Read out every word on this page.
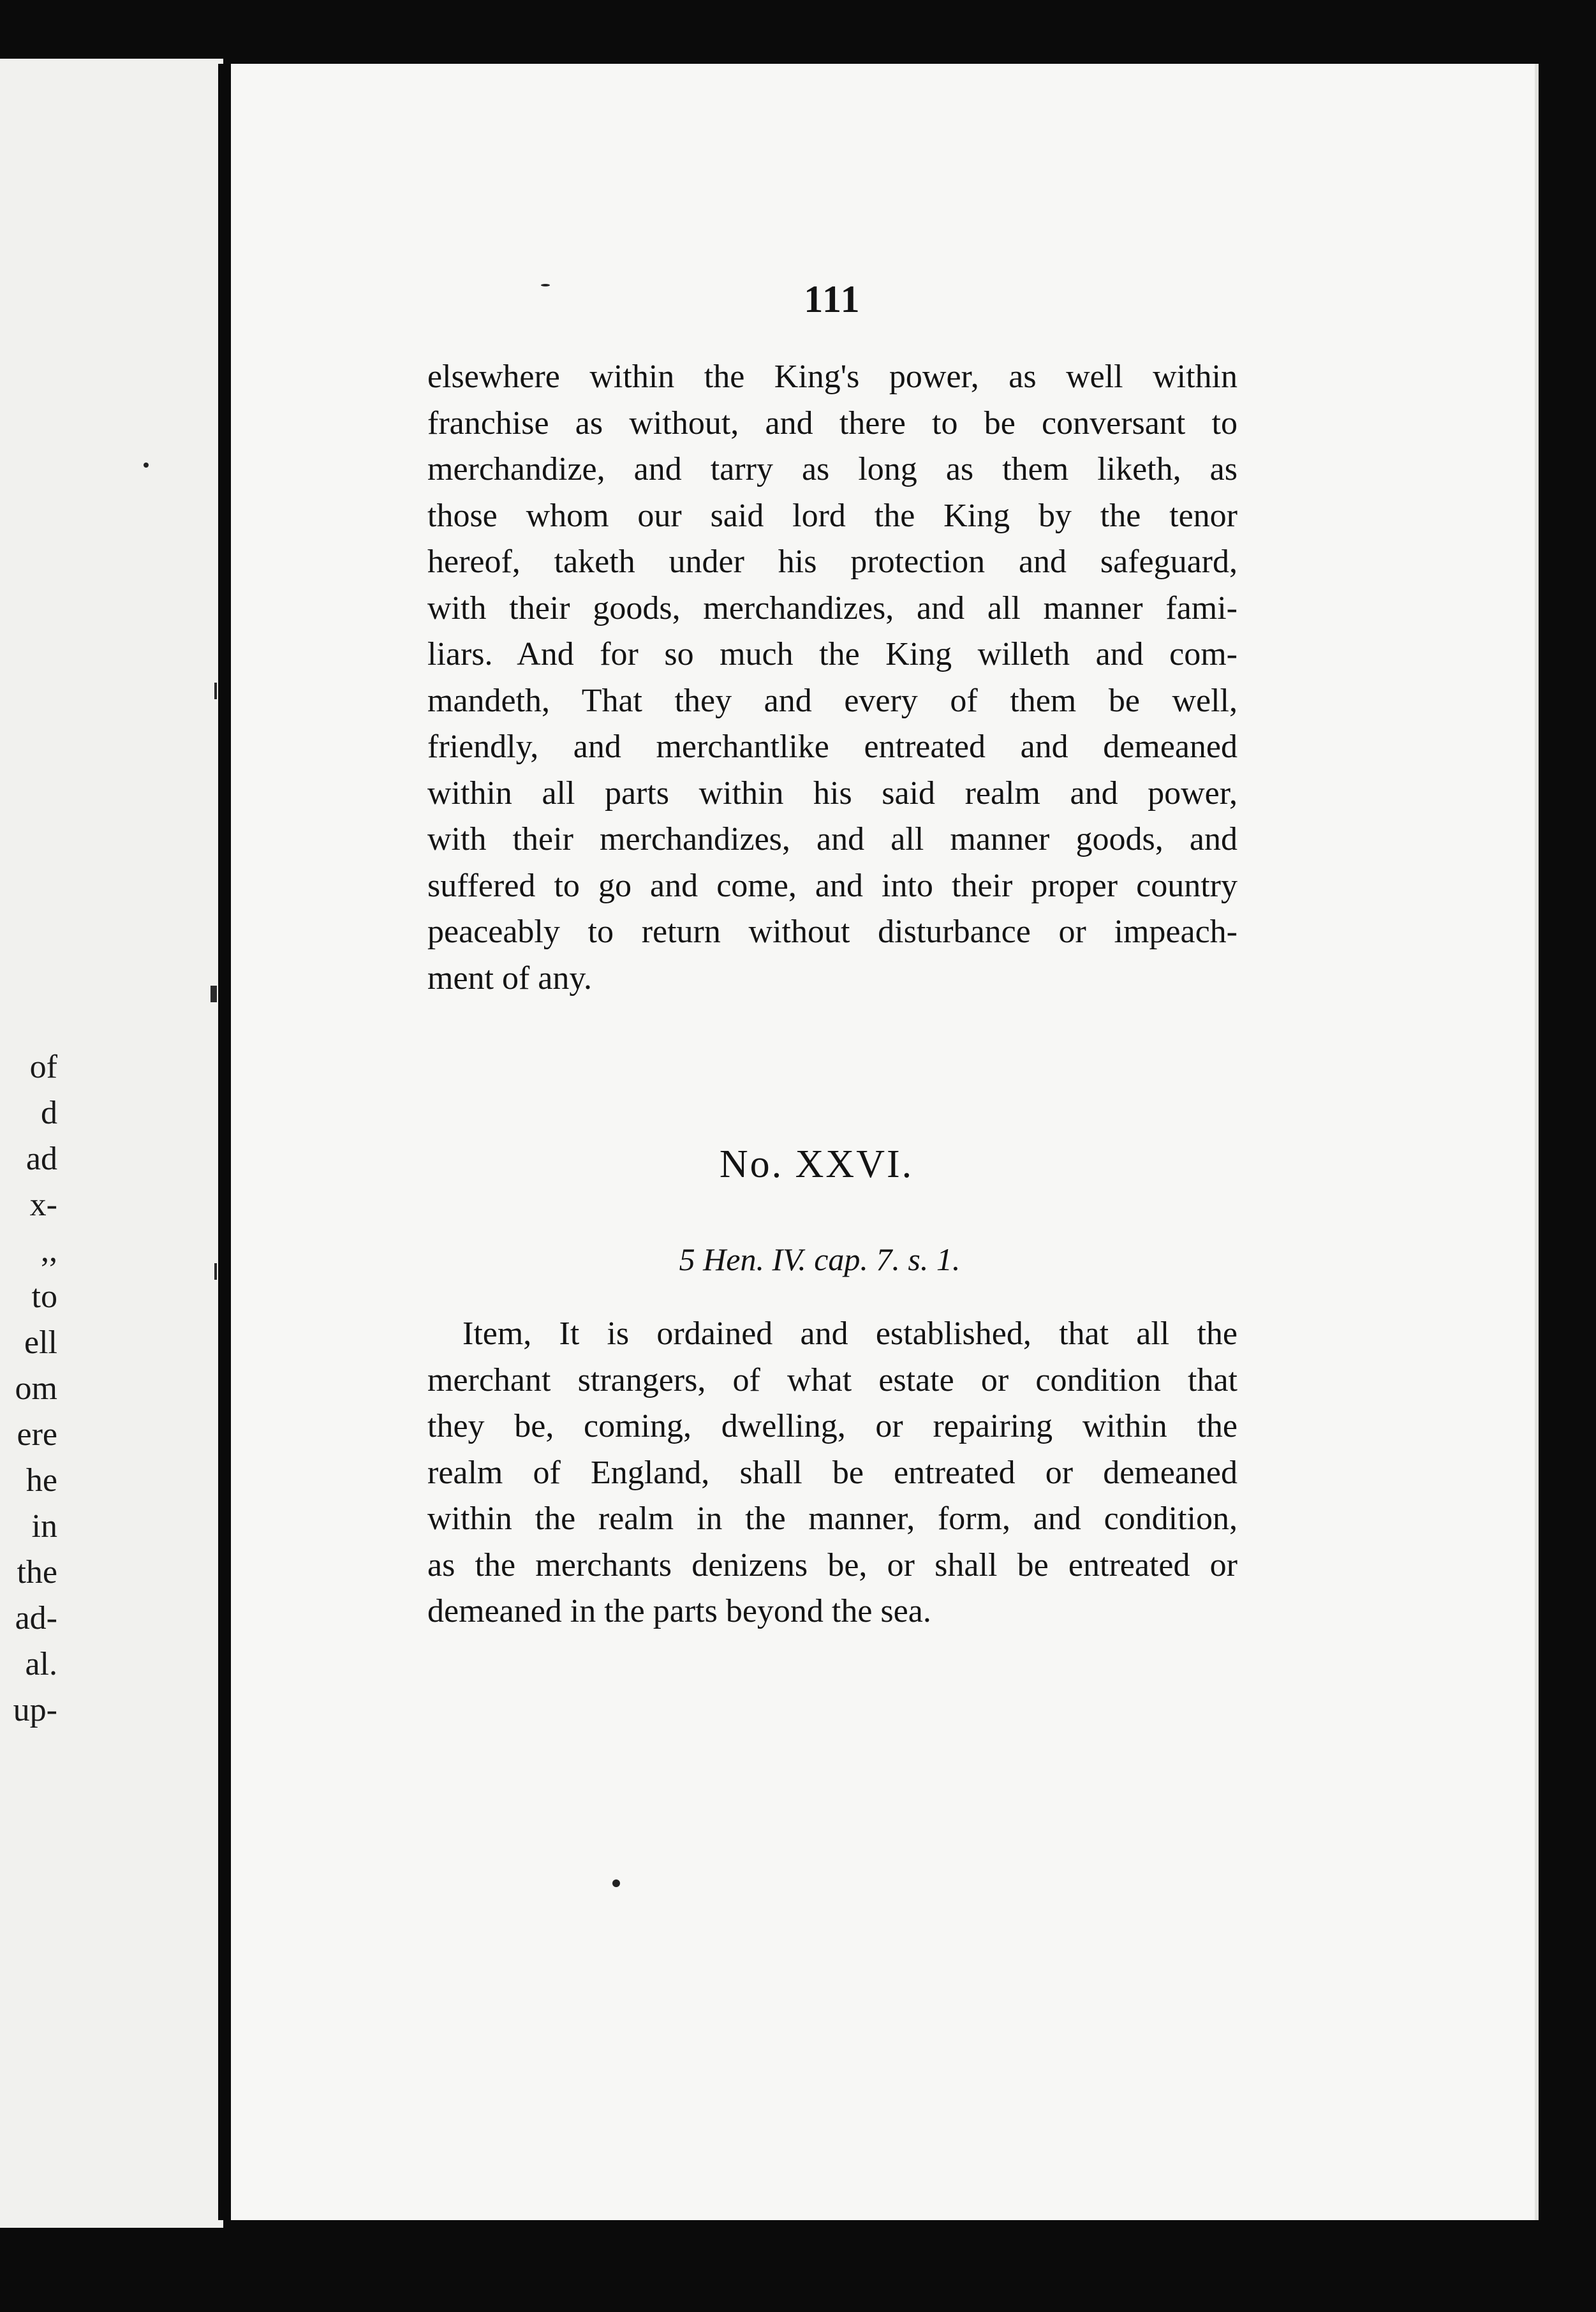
of
d
ad
x-
,,
to
ell
om
ere
he
in
the
ad-
al.
up-
111
elsewhere within the King's power, as well within
franchise as without, and there to be conversant to
merchandize, and tarry as long as them liketh, as
those whom our said lord the King by the tenor
hereof, taketh under his protection and safeguard,
with their goods, merchandizes, and all manner fami-
liars. And for so much the King willeth and com-
mandeth, That they and every of them be well,
friendly, and merchantlike entreated and demeaned
within all parts within his said realm and power,
with their merchandizes, and all manner goods, and
suffered to go and come, and into their proper country
peaceably to return without disturbance or impeach-
ment of any.
No. XXVI.
5 Hen. IV. cap. 7. s. 1.
Item, It is ordained and established, that all the
merchant strangers, of what estate or condition that
they be, coming, dwelling, or repairing within the
realm of England, shall be entreated or demeaned
within the realm in the manner, form, and condition,
as the merchants denizens be, or shall be entreated or
demeaned in the parts beyond the sea.
